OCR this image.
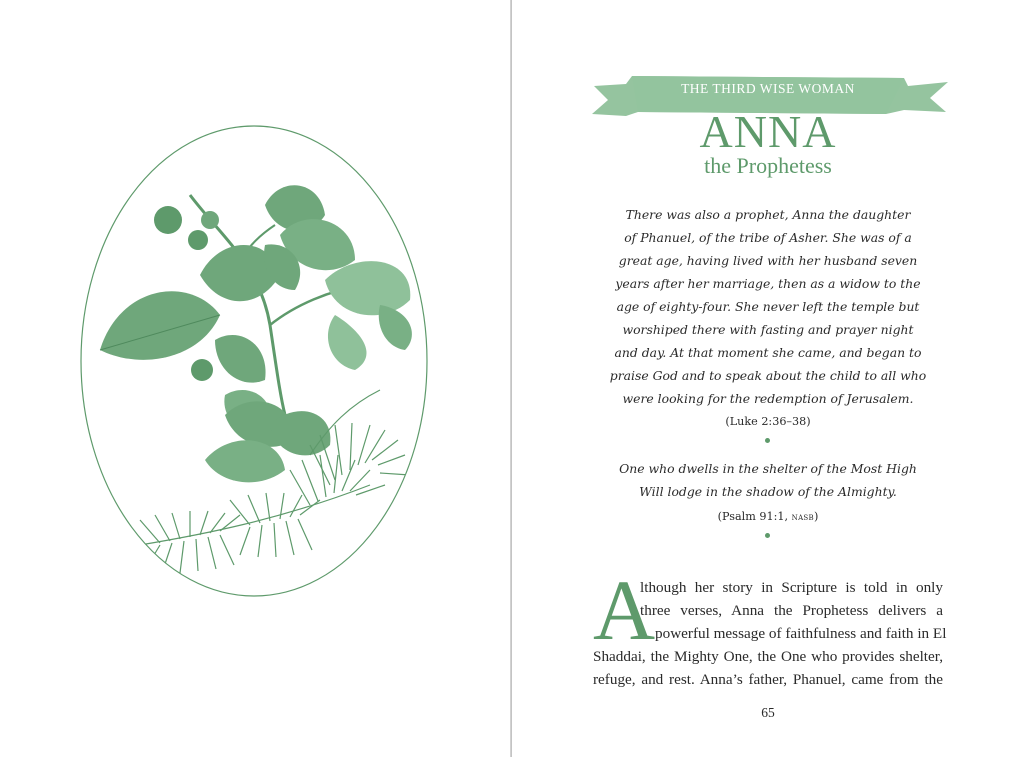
THE THIRD WISE WOMAN
ANNA
the Prophetess
There was also a prophet, Anna the daughter
of Phanuel, of the tribe of Asher. She was of a
great age, having lived with her husband seven
years after her marriage, then as a widow to the
age of eighty-four. She never left the temple but
worshiped there with fasting and prayer night
and day. At that moment she came, and began to
praise God and to speak about the child to all who
were looking for the redemption of Jerusalem.
(Luke 2:36–38)
One who dwells in the shelter of the Most High
Will lodge in the shadow of the Almighty.
(Psalm 91:1, nasb)
A
lthough her story in Scripture is told in only
three verses, Anna the Prophetess delivers a
powerful message of faithfulness and faith in El
Shaddai, the Mighty One, the One who provides shelter,
refuge, and rest. Anna’s father, Phanuel, came from the
65
